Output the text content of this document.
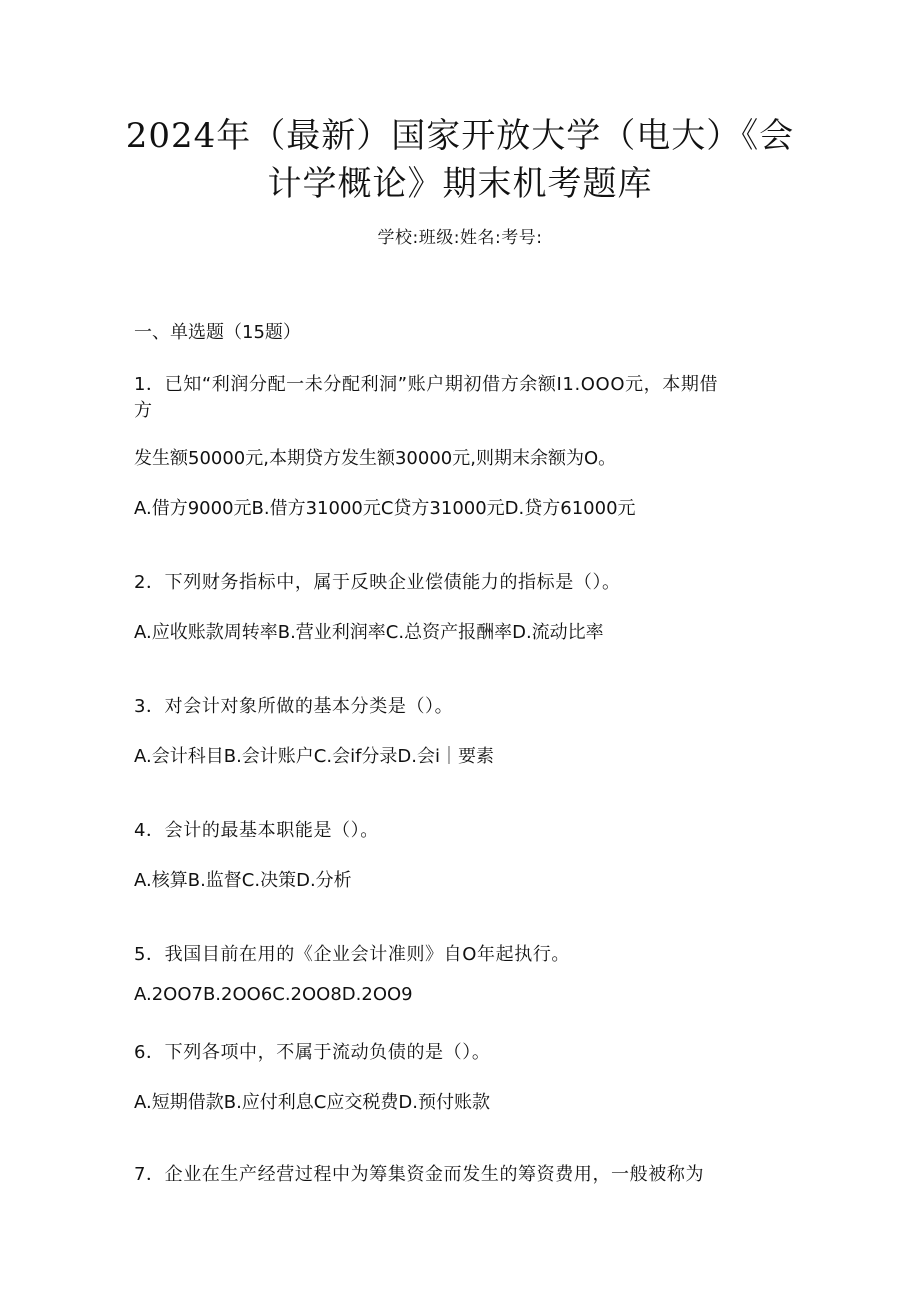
2024年（最新）国家开放大学（电大）《会
计学概论》期末机考题库
学校:班级:姓名:考号:
一、单选题（15题）
1．已知“利润分配一未分配利洞”账户期初借方余额I1.OOO元，本期借
方
发生额50000元,本期贷方发生额30000元,则期末余额为O。
A.借方9000元B.借方31000元C贷方31000元D.贷方61000元
2．下列财务指标中，属于反映企业偿债能力的指标是（）。
A.应收账款周转率B.营业利润率C.总资产报酬率D.流动比率
3．对会计对象所做的基本分类是（）。
A.会计科目B.会计账户C.会if分录D.会i｜要素
4．会计的最基本职能是（）。
A.核算B.监督C.决策D.分析
5．我国目前在用的《企业会计准则》自O年起执行。
A.2OO7B.2OO6C.2OO8D.2OO9
6．下列各项中，不属于流动负债的是（）。
A.短期借款B.应付利息C应交税费D.预付账款
7．企业在生产经营过程中为筹集资金而发生的筹资费用，一般被称为
